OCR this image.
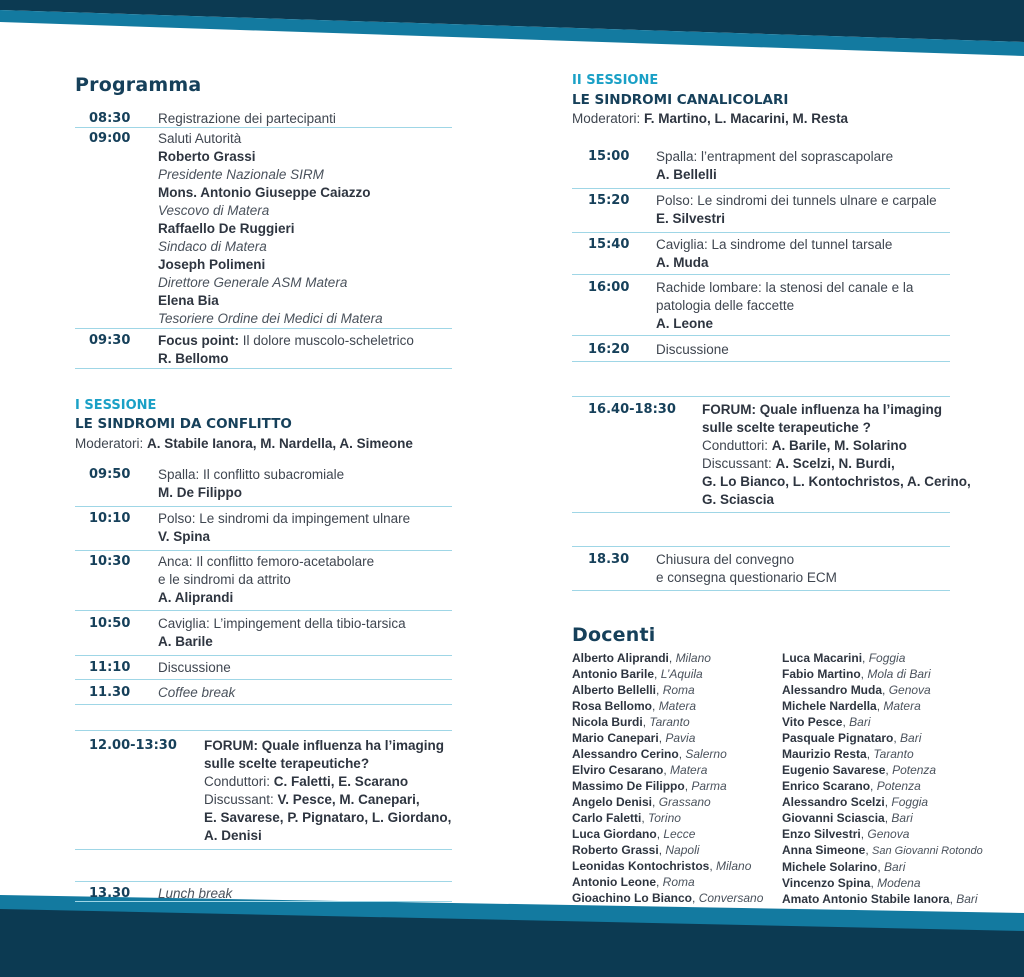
Programma
08:30 Registrazione dei partecipanti
09:00 Saluti Autorità
Roberto Grassi
Presidente Nazionale SIRM
Mons. Antonio Giuseppe Caiazzo
Vescovo di Matera
Raffaello De Ruggieri
Sindaco di Matera
Joseph Polimeni
Direttore Generale ASM Matera
Elena Bia
Tesoriere Ordine dei Medici di Matera
09:30 Focus point: Il dolore muscolo-scheletrico
R. Bellomo
I SESSIONE
LE SINDROMI DA CONFLITTO
Moderatori: A. Stabile Ianora, M. Nardella, A. Simeone
09:50 Spalla: Il conflitto subacromiale
M. De Filippo
10:10 Polso: Le sindromi da impingement ulnare
V. Spina
10:30 Anca: Il conflitto femoro-acetabolare
e le sindromi da attrito
A. Aliprandi
10:50 Caviglia: L’impingement della tibio-tarsica
A. Barile
11:10 Discussione
11.30 Coffee break
12.00-13:30 FORUM: Quale influenza ha l’imaging
sulle scelte terapeutiche?
Conduttori: C. Faletti, E. Scarano
Discussant: V. Pesce, M. Canepari,
E. Savarese, P. Pignataro, L. Giordano,
A. Denisi
13.30 Lunch break
II SESSIONE
LE SINDROMI CANALICOLARI
Moderatori: F. Martino, L. Macarini, M. Resta
15:00 Spalla: l’entrapment del soprascapolare
A. Bellelli
15:20 Polso: Le sindromi dei tunnels ulnare e carpale
E. Silvestri
15:40 Caviglia: La sindrome del tunnel tarsale
A. Muda
16:00 Rachide lombare: la stenosi del canale e la
patologia delle faccette
A. Leone
16:20 Discussione
16.40-18:30 FORUM: Quale influenza ha l’imaging
sulle scelte terapeutiche ?
Conduttori: A. Barile, M. Solarino
Discussant: A. Scelzi, N. Burdi,
G. Lo Bianco, L. Kontochristos, A. Cerino,
G. Sciascia
18.30 Chiusura del convegno
e consegna questionario ECM
Docenti
Alberto Aliprandi, Milano
Antonio Barile, L’Aquila
Alberto Bellelli, Roma
Rosa Bellomo, Matera
Nicola Burdi, Taranto
Mario Canepari, Pavia
Alessandro Cerino, Salerno
Elviro Cesarano, Matera
Massimo De Filippo, Parma
Angelo Denisi, Grassano
Carlo Faletti, Torino
Luca Giordano, Lecce
Roberto Grassi, Napoli
Leonidas Kontochristos, Milano
Antonio Leone, Roma
Gioachino Lo Bianco, Conversano
Luca Macarini, Foggia
Fabio Martino, Mola di Bari
Alessandro Muda, Genova
Michele Nardella, Matera
Vito Pesce, Bari
Pasquale Pignataro, Bari
Maurizio Resta, Taranto
Eugenio Savarese, Potenza
Enrico Scarano, Potenza
Alessandro Scelzi, Foggia
Giovanni Sciascia, Bari
Enzo Silvestri, Genova
Anna Simeone, San Giovanni Rotondo
Michele Solarino, Bari
Vincenzo Spina, Modena
Amato Antonio Stabile Ianora, Bari
